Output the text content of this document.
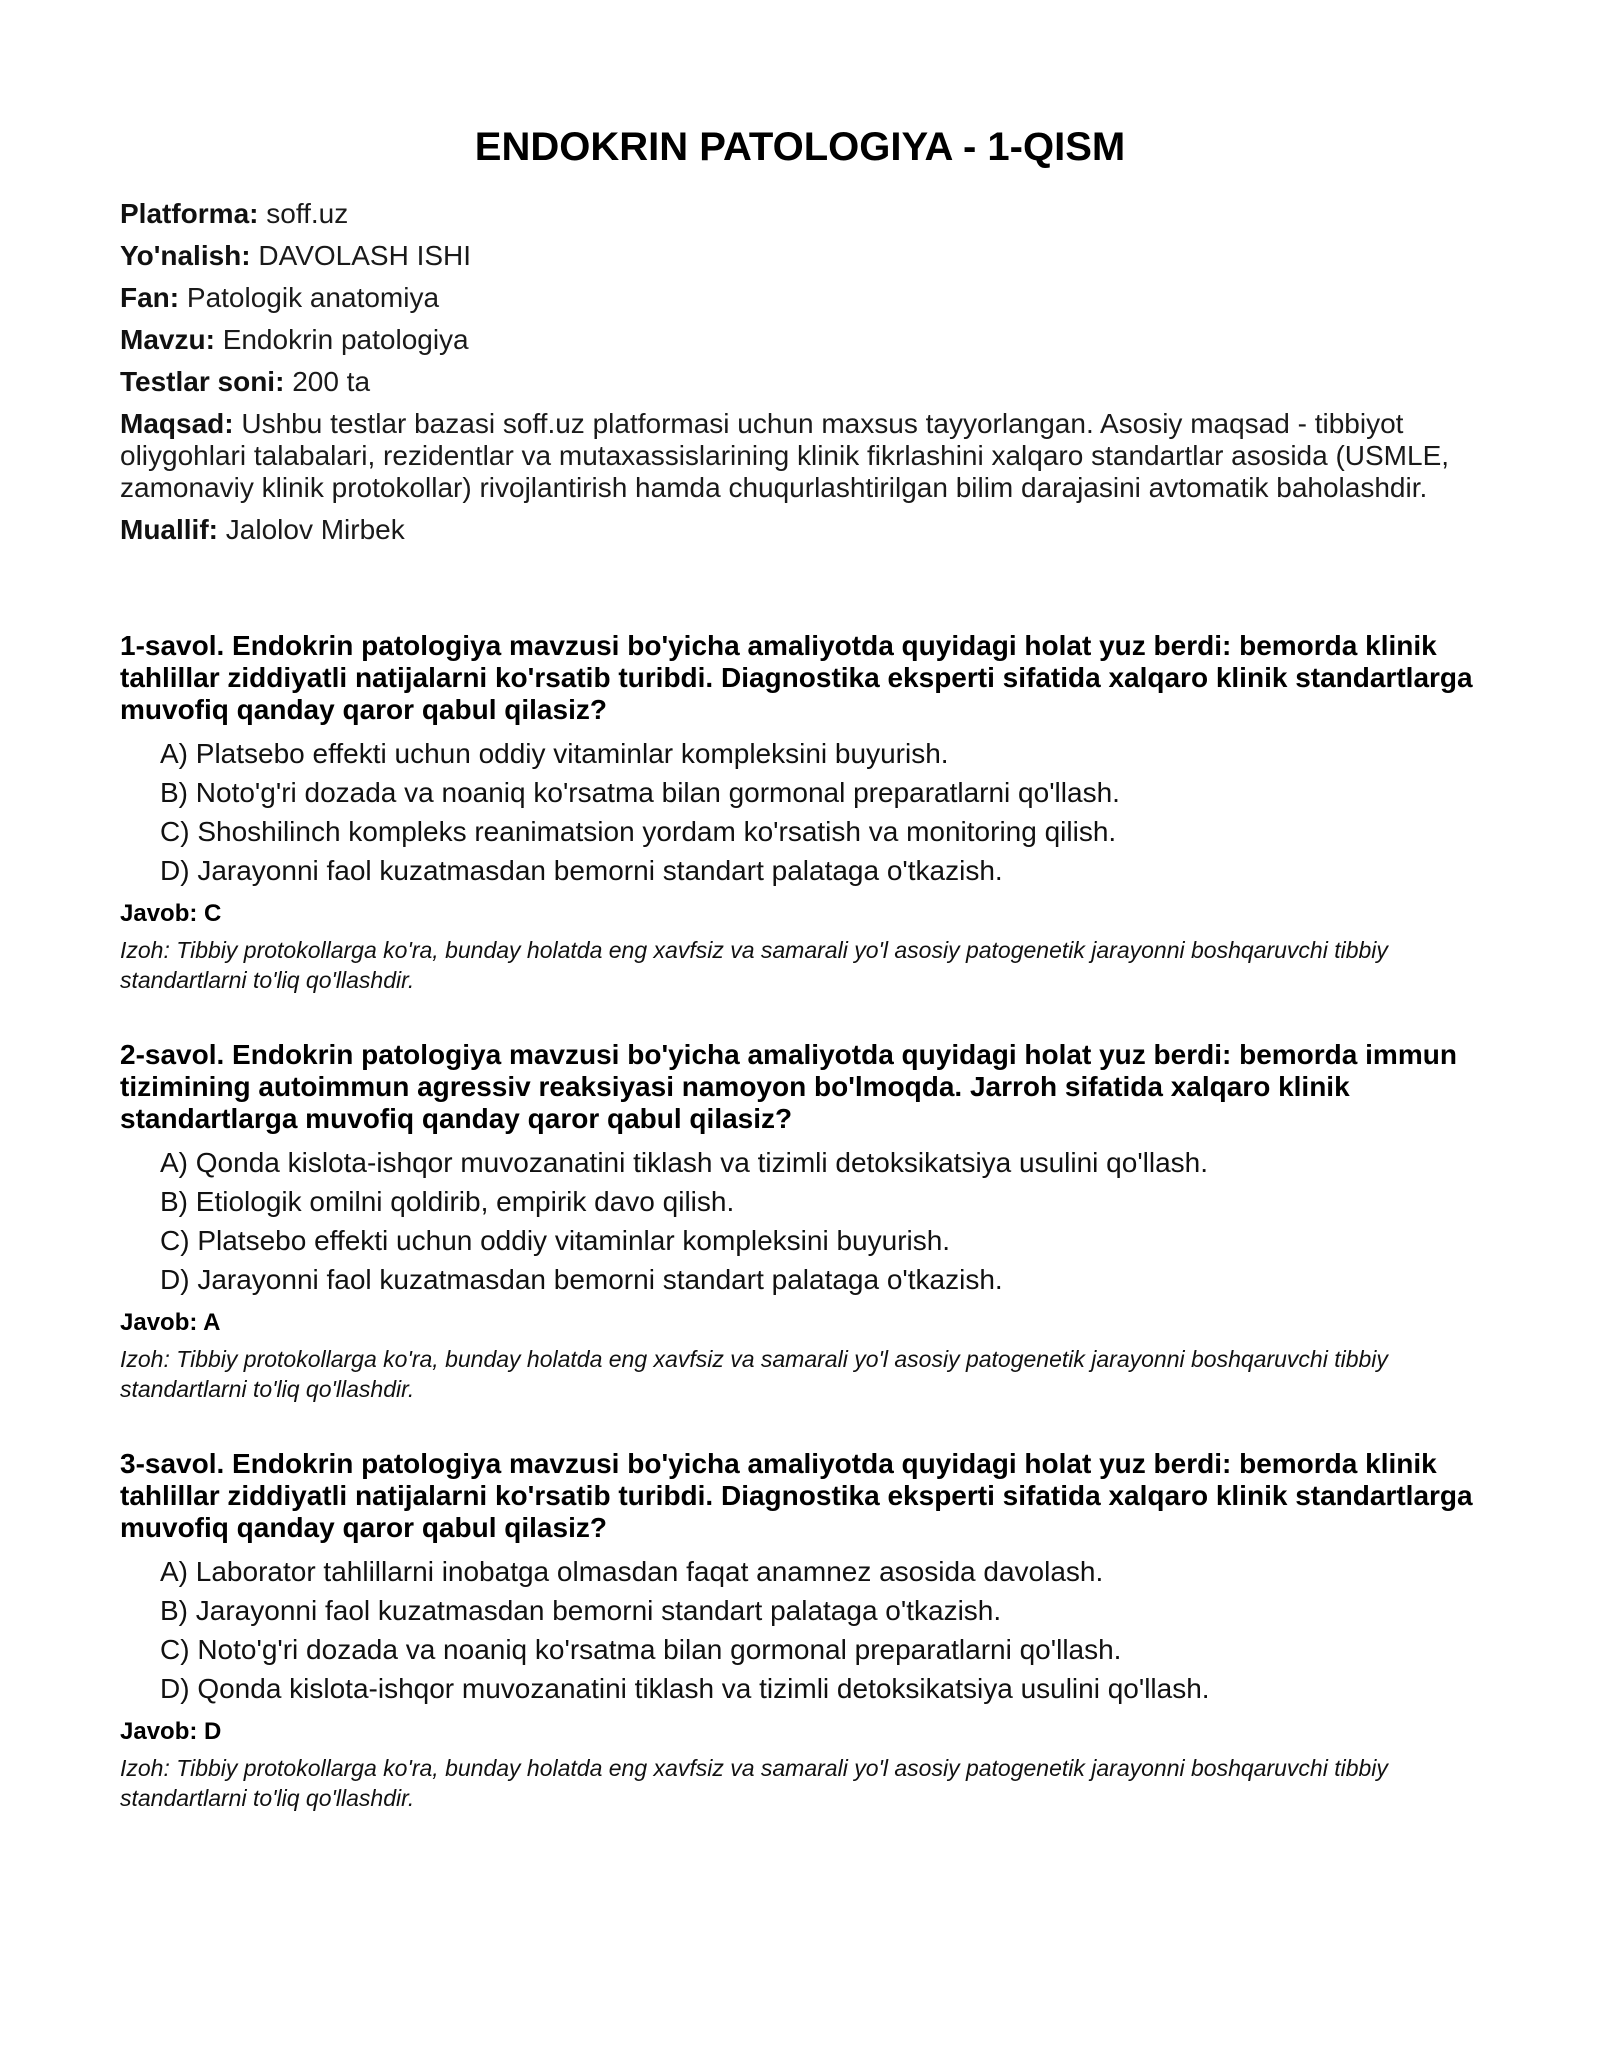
ENDOKRIN PATOLOGIYA - 1-QISM
Platforma: soff.uz
Yo'nalish: DAVOLASH ISHI
Fan: Patologik anatomiya
Mavzu: Endokrin patologiya
Testlar soni: 200 ta
Maqsad: Ushbu testlar bazasi soff.uz platformasi uchun maxsus tayyorlangan. Asosiy maqsad - tibbiyot oliygohlari talabalari, rezidentlar va mutaxassislarining klinik fikrlashini xalqaro standartlar asosida (USMLE, zamonaviy klinik protokollar) rivojlantirish hamda chuqurlashtirilgan bilim darajasini avtomatik baholashdir.
Muallif: Jalolov Mirbek
1-savol. Endokrin patologiya mavzusi bo'yicha amaliyotda quyidagi holat yuz berdi: bemorda klinik tahlillar ziddiyatli natijalarni ko'rsatib turibdi. Diagnostika eksperti sifatida xalqaro klinik standartlarga muvofiq qanday qaror qabul qilasiz?
A) Platsebo effekti uchun oddiy vitaminlar kompleksini buyurish.
B) Noto'g'ri dozada va noaniq ko'rsatma bilan gormonal preparatlarni qo'llash.
C) Shoshilinch kompleks reanimatsion yordam ko'rsatish va monitoring qilish.
D) Jarayonni faol kuzatmasdan bemorni standart palataga o'tkazish.
Javob: C
Izoh: Tibbiy protokollarga ko'ra, bunday holatda eng xavfsiz va samarali yo'l asosiy patogenetik jarayonni boshqaruvchi tibbiy standartlarni to'liq qo'llashdir.
2-savol. Endokrin patologiya mavzusi bo'yicha amaliyotda quyidagi holat yuz berdi: bemorda immun tizimining autoimmun agressiv reaksiyasi namoyon bo'lmoqda. Jarroh sifatida xalqaro klinik standartlarga muvofiq qanday qaror qabul qilasiz?
A) Qonda kislota-ishqor muvozanatini tiklash va tizimli detoksikatsiya usulini qo'llash.
B) Etiologik omilni qoldirib, empirik davo qilish.
C) Platsebo effekti uchun oddiy vitaminlar kompleksini buyurish.
D) Jarayonni faol kuzatmasdan bemorni standart palataga o'tkazish.
Javob: A
Izoh: Tibbiy protokollarga ko'ra, bunday holatda eng xavfsiz va samarali yo'l asosiy patogenetik jarayonni boshqaruvchi tibbiy standartlarni to'liq qo'llashdir.
3-savol. Endokrin patologiya mavzusi bo'yicha amaliyotda quyidagi holat yuz berdi: bemorda klinik tahlillar ziddiyatli natijalarni ko'rsatib turibdi. Diagnostika eksperti sifatida xalqaro klinik standartlarga muvofiq qanday qaror qabul qilasiz?
A) Laborator tahlillarni inobatga olmasdan faqat anamnez asosida davolash.
B) Jarayonni faol kuzatmasdan bemorni standart palataga o'tkazish.
C) Noto'g'ri dozada va noaniq ko'rsatma bilan gormonal preparatlarni qo'llash.
D) Qonda kislota-ishqor muvozanatini tiklash va tizimli detoksikatsiya usulini qo'llash.
Javob: D
Izoh: Tibbiy protokollarga ko'ra, bunday holatda eng xavfsiz va samarali yo'l asosiy patogenetik jarayonni boshqaruvchi tibbiy standartlarni to'liq qo'llashdir.
